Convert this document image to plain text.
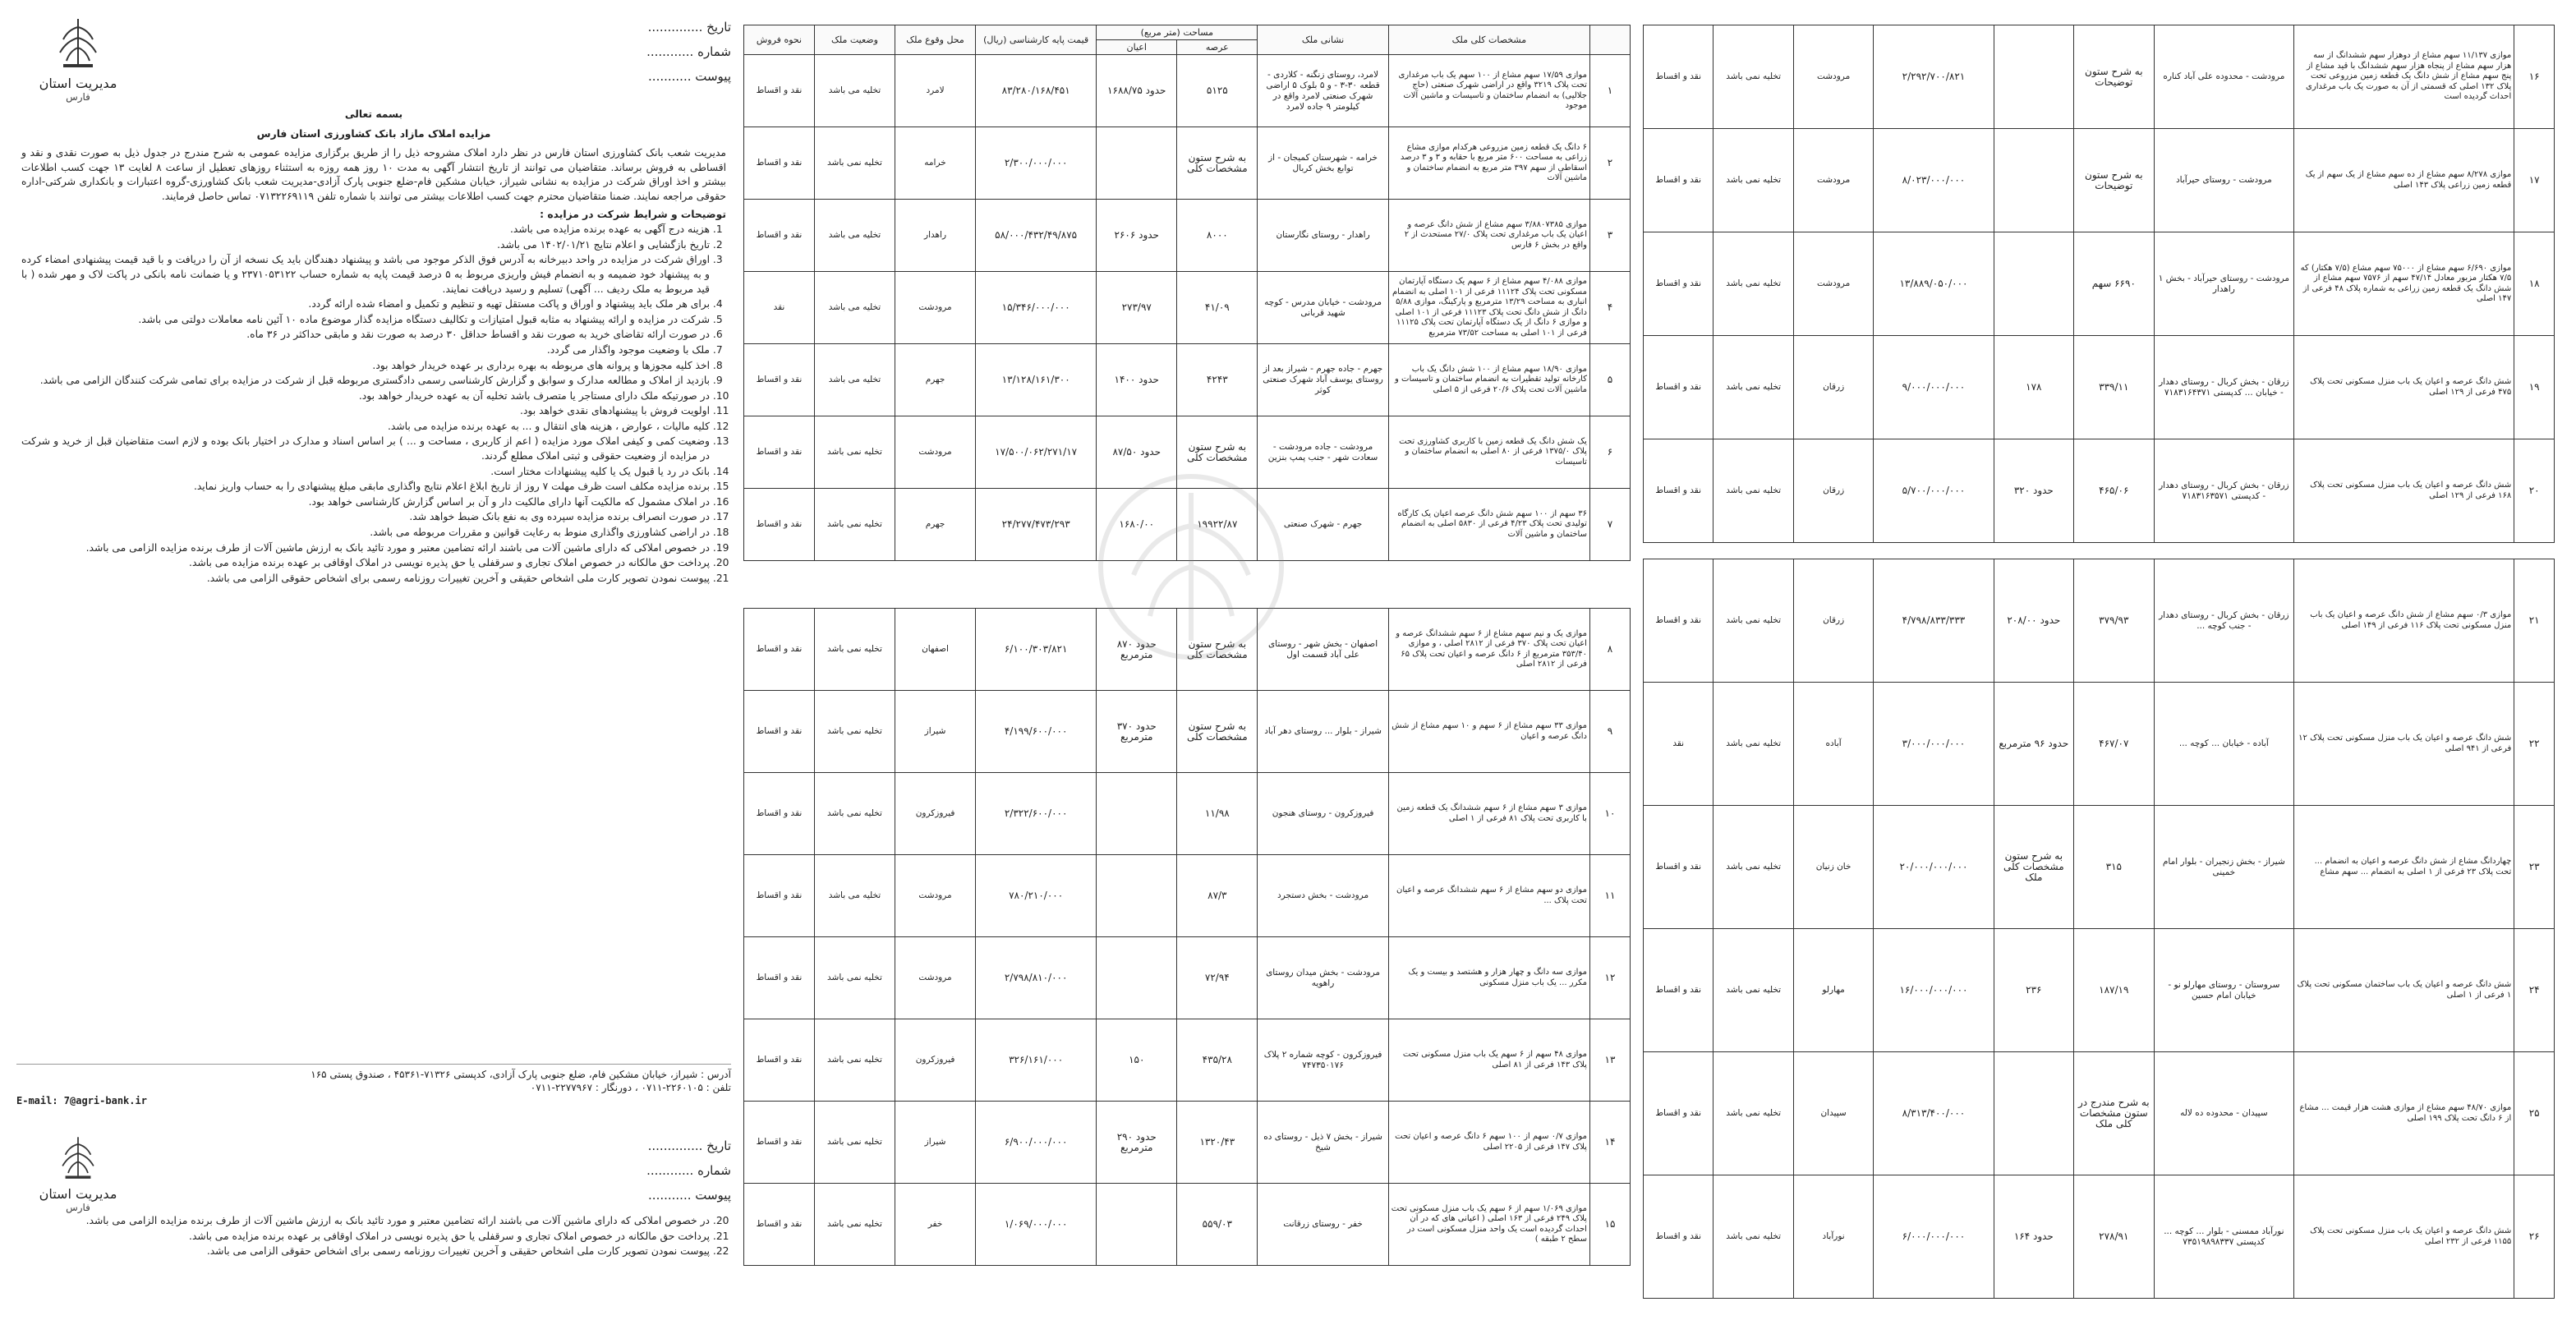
تاریخ ..............
شماره ............
پیوست ...........
مدیریت استان
فارس
بسمه تعالی
مزایده املاک مازاد بانک کشاورزی استان فارس

مدیریت شعب بانک کشاورزی استان فارس در نظر دارد املاک مشروحه ذیل را از طریق برگزاری مزایده عمومی به شرح مندرج در جدول ذیل به صورت نقدی و نقد و اقساطی به فروش برساند. متقاضیان می توانند از تاریخ انتشار آگهی به مدت ۱۰ روز همه روزه به استثناء روزهای تعطیل از ساعت ۸ لغایت ۱۳ جهت کسب اطلاعات بیشتر و اخذ اوراق شرکت در مزایده به نشانی شیراز، خیابان مشکین فام-ضلع جنوبی پارک آزادی-مدیریت شعب بانک کشاورزی-گروه اعتبارات و بانکداری شرکتی-اداره حقوقی مراجعه نمایند. ضمنا متقاضیان محترم جهت کسب اطلاعات بیشتر می توانند با شماره تلفن ۰۷۱۳۲۲۶۹۱۱۹ تماس حاصل فرمایند.

توضیحات و شرایط شرکت در مزایده :

1. هزینه درج آگهی به عهده برنده مزایده می باشد.
2. تاریخ بازگشایی و اعلام نتایج ۱۴۰۲/۰۱/۲۱ می باشد.
3. اوراق شرکت در مزایده در واحد دبیرخانه به آدرس فوق الذکر موجود می باشد و پیشنهاد دهندگان باید یک نسخه از آن را دریافت و با قید قیمت پیشنهادی امضاء کرده و به پیشنهاد خود ضمیمه و به انضمام فیش واریزی مربوط به ۵ درصد قیمت پایه به شماره حساب ۲۳۷۱۰۵۳۱۲۲ و یا ضمانت نامه بانکی در پاکت لاک و مهر شده ( با قید مربوط به ملک ردیف ... آگهی) تسلیم و رسید دریافت نمایند.
4. برای هر ملک باید پیشنهاد و اوراق و پاکت مستقل تهیه و تنظیم و تکمیل و امضاء شده ارائه گردد.
5. شرکت در مزایده و ارائه پیشنهاد به مثابه قبول امتیازات و تکالیف دستگاه مزایده گذار موضوع ماده ۱۰ آئین نامه معاملات دولتی می باشد.
6. در صورت ارائه تقاضای خرید به صورت نقد و اقساط حداقل ۳۰ درصد به صورت نقد و مابقی حداکثر در ۳۶ ماه.
7. ملک با وضعیت موجود واگذار می گردد.
8. اخذ کلیه مجوزها و پروانه های مربوطه به بهره برداری بر عهده خریدار خواهد بود.
9. بازدید از املاک و مطالعه مدارک و سوابق و گزارش کارشناسی رسمی دادگستری مربوطه قبل از شرکت در مزایده برای تمامی شرکت کنندگان الزامی می باشد.
10. در صورتیکه ملک دارای مستاجر یا متصرف باشد تخلیه آن به عهده خریدار خواهد بود.
11. اولویت فروش با پیشنهادهای نقدی خواهد بود.
12. کلیه مالیات ، عوارض ، هزینه های انتقال و ... به عهده برنده مزایده می باشد.
13. وضعیت کمی و کیفی املاک مورد مزایده ( اعم از کاربری ، مساحت و ... ) بر اساس اسناد و مدارک در اختیار بانک بوده و لازم است متقاضیان قبل از خرید و شرکت در مزایده از وضعیت حقوقی و ثبتی املاک مطلع گردند.
14. بانک در رد یا قبول یک یا کلیه پیشنهادات مختار است.
15. برنده مزایده مکلف است ظرف مهلت ۷ روز از تاریخ ابلاغ اعلام نتایج واگذاری مابقی مبلغ پیشنهادی را به حساب واریز نماید.
16. در املاک مشمول که مالکیت آنها دارای مالکیت دار و آن بر اساس گزارش کارشناسی خواهد بود.
17. در صورت انصراف برنده مزایده سپرده وی به نفع بانک ضبط خواهد شد.
18. در اراضی کشاورزی واگذاری منوط به رعایت قوانین و مقررات مربوطه می باشد.
19. در خصوص املاکی که دارای ماشین آلات می باشند ارائه تضامین معتبر و مورد تائید بانک به ارزش ماشین آلات از طرف برنده مزایده الزامی می باشد.
20. پرداخت حق مالکانه در خصوص املاک تجاری و سرقفلی یا حق پذیره نویسی در املاک اوقافی بر عهده برنده مزایده می باشد.
21. پیوست نمودن تصویر کارت ملی اشخاص حقیقی و آخرین تغییرات روزنامه رسمی برای اشخاص حقوقی الزامی می باشد.
آدرس : شیراز، خیابان مشکین فام، ضلع جنوبی پارک آزادی، کدپستی ۷۱۳۲۶-۴۵۳۶۱ ، صندوق پستی ۱۶۵
تلفن : ۲۲۶۰۱۰۵-۰۷۱۱ ، دورنگار : ۲۲۷۷۹۶۷-۰۷۱۱
E-mail: 7@agri-bank.ir
تاریخ ..............
شماره ............
پیوست ...........
مدیریت استان
فارس
20. در خصوص املاکی که دارای ماشین آلات می باشند ارائه تضامین معتبر و مورد تائید بانک به ارزش ماشین آلات از طرف برنده مزایده الزامی می باشد.
21. پرداخت حق مالکانه در خصوص املاک تجاری و سرقفلی یا حق پذیره نویسی در املاک اوقافی بر عهده برنده مزایده می باشد.
22. پیوست نمودن تصویر کارت ملی اشخاص حقیقی و آخرین تغییرات روزنامه رسمی برای اشخاص حقوقی الزامی می باشد.
	مشخصات کلی ملک	نشانی ملک	مساحت (متر مربع)		قیمت پایه کارشناسی (ریال)	محل وقوع ملک	وضعیت ملک	نحوه فروش
			عرصه	اعیان				
۱	موازی ۱۷/۵۹ سهم مشاع از ۱۰۰ سهم یک باب مرغداری تحت پلاک ۳۲۱۹ واقع در اراضی شهرک صنعتی (حاج جلالیی) به انضمام ساختمان و تاسیسات و ماشین آلات موجود	لامرد، روستای زنگنه - کلاردی - قطعه ۳۰-۳ - و ۵ بلوک ۵ اراضی شهرک صنعتی لامرد واقع در کیلومتر ۹ جاده لامرد	۵۱۲۵	حدود ۱۶۸۸/۷۵	۸۳/۲۸۰/۱۶۸/۴۵۱	لامرد	تخلیه می باشد	نقد و اقساط
۲	۶ دانگ یک قطعه زمین مزروعی هرکدام موازی مشاع زراعی به مساحت ۶۰۰ متر مربع با حقابه و ۳ و ۳ درصد اسقاطی از سهم ۳۹۷ متر مربع به انضمام ساختمان و ماشین آلات	خرامه - شهرستان کمیجان - از توابع بخش کربال	به شرح ستون مشخصات کلی		۲/۳۰۰/۰۰۰/۰۰۰	خرامه	تخلیه نمی باشد	نقد و اقساط
۳	موازی ۳/۸۸۰۷۳۸۵ سهم مشاع از شش دانگ عرصه و اعیان یک باب مرغداری تحت پلاک ۲۷/۰ مستحدث از ۲ واقع در بخش ۶ فارس	راهدار - روستای نگارستان	۸۰۰۰	حدود ۲۶۰۶	۵۸/۰۰۰/۴۳۲/۴۹/۸۷۵	راهدار	تخلیه می باشد	نقد و اقساط
۴	موازی ۴/۰۸۸ سهم مشاع از ۶ سهم یک دستگاه آپارتمان مسکونی تحت پلاک ۱۱۱۲۴ فرعی از ۱۰۱ اصلی به انضمام انباری به مساحت ۱۳/۲۹ مترمربع و پارکینگ، موازی ۵/۸۸ دانگ از شش دانگ تحت پلاک ۱۱۱۲۳ فرعی از ۱۰۱ اصلی و موازی ۶ دانگ از یک دستگاه آپارتمان تحت پلاک ۱۱۱۲۵ فرعی از ۱۰۱ اصلی به مساحت ۷۳/۵۲ مترمربع	مرودشت - خیابان مدرس - کوچه شهید قربانی	۴۱/۰۹	۲۷۳/۹۷	۱۵/۳۴۶/۰۰۰/۰۰۰	مرودشت	تخلیه می باشد	نقد
۵	موازی ۱۸/۹۰ سهم مشاع از ۱۰۰ شش دانگ یک باب کارخانه تولید تقطیرات به انضمام ساختمان و تاسیسات و ماشین آلات تحت پلاک ۲۰/۶ فرعی از ۵ اصلی	جهرم - جاده جهرم - شیراز بعد از روستای یوسف آباد شهرک صنعتی کوثر	۴۲۴۳	حدود ۱۴۰۰	۱۳/۱۲۸/۱۶۱/۳۰۰	جهرم	تخلیه می باشد	نقد و اقساط
۶	یک شش دانگ یک قطعه زمین با کاربری کشاورزی تحت پلاک ۱۳۷۵/۰ فرعی از ۸۰ اصلی به انضمام ساختمان و تاسیسات	مرودشت - جاده مرودشت - سعادت شهر - جنب پمپ بنزین	به شرح ستون مشخصات کلی	حدود ۸۷/۵۰	۱۷/۵۰۰/۰۶۲/۲۷۱/۱۷	مرودشت	تخلیه نمی باشد	نقد و اقساط
۷	۳۶ سهم از ۱۰۰ سهم شش دانگ عرصه اعیان یک کارگاه تولیدی تحت پلاک ۴/۲۳ فرعی از ۵۸۳۰ اصلی به انضمام ساختمان و ماشین آلات	جهرم - شهرک صنعتی	۱۹۹۲۲/۸۷	۱۶۸۰/۰۰	۲۴/۲۷۷/۴۷۳/۲۹۳	جهرم	تخلیه نمی باشد	نقد و اقساط
۸	موازی یک و نیم سهم مشاع از ۶ سهم ششدانگ عرصه و اعیان تحت پلاک ۳۷۰ فرعی از ۲۸۱۲ اصلی ، و موازی ۳۵۳/۴۰ مترمربع از ۶ دانگ عرصه و اعیان تحت پلاک ۶۵ فرعی از ۲۸۱۲ اصلی	اصفهان - بخش شهر - روستای علی آباد قسمت اول	به شرح ستون مشخصات کلی	حدود ۸۷۰ مترمربع	۶/۱۰۰/۳۰۳/۸۲۱	اصفهان	تخلیه نمی باشد	نقد و اقساط
۹	موازی ۳۳ سهم مشاع از ۶ سهم و ۱۰ سهم مشاع از شش دانگ عرصه و اعیان	شیراز - بلوار ... روستای دهر آباد	به شرح ستون مشخصات کلی	حدود ۳۷۰ مترمربع	۴/۱۹۹/۶۰۰/۰۰۰	شیراز	تخلیه نمی باشد	نقد و اقساط
۱۰	موازی ۳ سهم مشاع از ۶ سهم ششدانگ یک قطعه زمین با کاربری تحت پلاک ۸۱ فرعی از ۱ اصلی	فیروزکرون - روستای هنجون	۱۱/۹۸		۲/۳۲۲/۶۰۰/۰۰۰	فیروزکرون	تخلیه نمی باشد	نقد و اقساط
۱۱	موازی دو سهم مشاع از ۶ سهم ششدانگ عرصه و اعیان تحت پلاک ...	مرودشت - بخش دستجرد	۸۷/۳		۷۸۰/۲۱۰/۰۰۰	مرودشت	تخلیه می باشد	نقد و اقساط
۱۲	موازی سه دانگ و چهار هزار و هشتصد و بیست و یک مکرر ... یک باب منزل مسکونی	مرودشت - بخش میدان روستای راهویه	۷۲/۹۴		۲/۷۹۸/۸۱۰/۰۰۰	مرودشت	تخلیه نمی باشد	نقد و اقساط
۱۳	موازی ۴۸ سهم از ۶ سهم یک باب منزل مسکونی تحت پلاک ۱۴۳ فرعی از ۸۱ اصلی	فیروزکرون - کوچه شماره ۲ پلاک ۷۴۷۳۵۰۱۷۶	۴۳۵/۲۸	۱۵۰	۳۲۶/۱۶۱/۰۰۰	فیروزکرون	تخلیه نمی باشد	نقد و اقساط
۱۴	موازی ۰/۷ سهم از ۱۰۰ سهم ۶ دانگ عرصه و اعیان تحت پلاک ۱۴۷ فرعی از ۲۲۰۵ اصلی	شیراز - بخش ۷ ذیل - روستای ده شیخ	۱۳۲۰/۴۳	حدود ۲۹۰ مترمربع	۶/۹۰۰/۰۰۰/۰۰۰	شیراز	تخلیه نمی باشد	نقد و اقساط
۱۵	موازی ۱/۰۶۹ سهم از ۶ سهم یک باب منزل مسکونی تحت پلاک ۲۴۹ فرعی از ۱۶۳ اصلی ( اعیانی های که در آن احداث گردیده است یک واحد منزل مسکونی است در سطح ۲ طبقه )	خفر - روستای زرقانت	۵۵۹/۰۳		۱/۰۶۹/۰۰۰/۰۰۰	خفر	تخلیه نمی باشد	نقد و اقساط
۱۶	موازی ۱۱/۱۳۷ سهم مشاع از دوهزار سهم ششدانگ از سه هزار سهم مشاع از پنجاه هزار سهم ششدانگ با قید مشاع از پنج سهم مشاع از شش دانگ یک قطعه زمین مزروعی تحت پلاک ۱۳۲ اصلی که قسمتی از آن به صورت یک باب مرغداری احداث گردیده است	مرودشت - محدوده علی آباد کناره	به شرح ستون توضیحات		۲/۲۹۲/۷۰۰/۸۲۱	مرودشت	تخلیه نمی باشد	نقد و اقساط
۱۷	موازی ۸/۲۷۸ سهم مشاع از ده سهم مشاع از یک سهم از یک قطعه زمین زراعی پلاک ۱۴۳ اصلی	مرودشت - روستای حیرآباد	به شرح ستون توضیحات		۸/۰۲۳/۰۰۰/۰۰۰	مرودشت	تخلیه نمی باشد	نقد و اقساط
۱۸	موازی ۶/۶۹۰ سهم مشاع از ۷۵۰۰۰ سهم مشاع (۷/۵ هکتار) که ۷/۵ هکتار مزبور معادل ۴۷/۱۴ سهم از ۷۵۷۶ سهم مشاع از شش دانگ یک قطعه زمین زراعی به شماره پلاک ۴۸ فرعی از ۱۴۷ اصلی	مرودشت - روستای حیرآباد - بخش ۱ راهدار	۶۶۹۰ سهم		۱۳/۸۸۹/۰۵۰/۰۰۰	مرودشت	تخلیه نمی باشد	نقد و اقساط
۱۹	شش دانگ عرصه و اعیان یک باب منزل مسکونی تحت پلاک ۴۷۵ فرعی از ۱۲۹ اصلی	زرقان - بخش کربال - روستای دهدار - خیابان ... کدپستی ۷۱۸۳۱۶۴۳۷۱	۳۳۹/۱۱	۱۷۸	۹/۰۰۰/۰۰۰/۰۰۰	زرقان	تخلیه نمی باشد	نقد و اقساط
۲۰	شش دانگ عرصه و اعیان یک باب منزل مسکونی تحت پلاک ۱۶۸ فرعی از ۱۲۹ اصلی	زرقان - بخش کربال - روستای دهدار - کدپستی ۷۱۸۳۱۶۳۵۷۱	۴۶۵/۰۶	حدود ۳۲۰	۵/۷۰۰/۰۰۰/۰۰۰	زرقان	تخلیه نمی باشد	نقد و اقساط
۲۱	موازی ۰/۳ سهم مشاع از شش دانگ عرصه و اعیان یک باب منزل مسکونی تحت پلاک ۱۱۶ فرعی از ۱۴۹ اصلی	زرقان - بخش کربال - روستای دهدار - جنب کوچه ...	۳۷۹/۹۳	حدود ۲۰۸/۰۰	۴/۷۹۸/۸۳۳/۳۳۳	زرقان	تخلیه نمی باشد	نقد و اقساط
۲۲	شش دانگ عرصه و اعیان یک باب منزل مسکونی تحت پلاک ۱۲ فرعی از ۹۴۱ اصلی	آباده - خیابان ... کوچه ...	۴۶۷/۰۷	حدود ۹۶ مترمربع	۳/۰۰۰/۰۰۰/۰۰۰	آباده	تخلیه نمی باشد	نقد
۲۳	چهاردانگ مشاع از شش دانگ عرصه و اعیان به انضمام ... تحت پلاک ۲۳ فرعی از ۱ اصلی به انضمام ... سهم مشاع	شیراز - بخش زنجیران - بلوار امام خمینی	۳۱۵	به شرح ستون مشخصات کلی ملک	۲۰/۰۰۰/۰۰۰/۰۰۰	خان زنیان	تخلیه نمی باشد	نقد و اقساط
۲۴	شش دانگ عرصه و اعیان یک باب ساختمان مسکونی تحت پلاک ۱ فرعی از ۱ اصلی	سروستان - روستای مهارلو نو - خیابان امام حسین	۱۸۷/۱۹	۲۳۶	۱۶/۰۰۰/۰۰۰/۰۰۰	مهارلو	تخلیه نمی باشد	نقد و اقساط
۲۵	موازی ۴۸/۷۰ سهم مشاع از موازی هشت هزار قیمت ... مشاع از ۶ دانگ تحت پلاک ۱۹۹ اصلی	سپیدان - محدوده ده لاله	به شرح مندرج در ستون مشخصات کلی ملک		۸/۳۱۳/۴۰۰/۰۰۰	سپیدان	تخلیه نمی باشد	نقد و اقساط
۲۶	شش دانگ عرصه و اعیان یک باب منزل مسکونی تحت پلاک ۱۱۵۵ فرعی از ۲۳۲ اصلی	نورآباد ممسنی - بلوار ... کوچه ... کدپستی ۷۳۵۱۹۸۹۸۳۳۷	۲۷۸/۹۱	حدود ۱۶۴	۶/۰۰۰/۰۰۰/۰۰۰	نورآباد	تخلیه نمی باشد	نقد و اقساط
